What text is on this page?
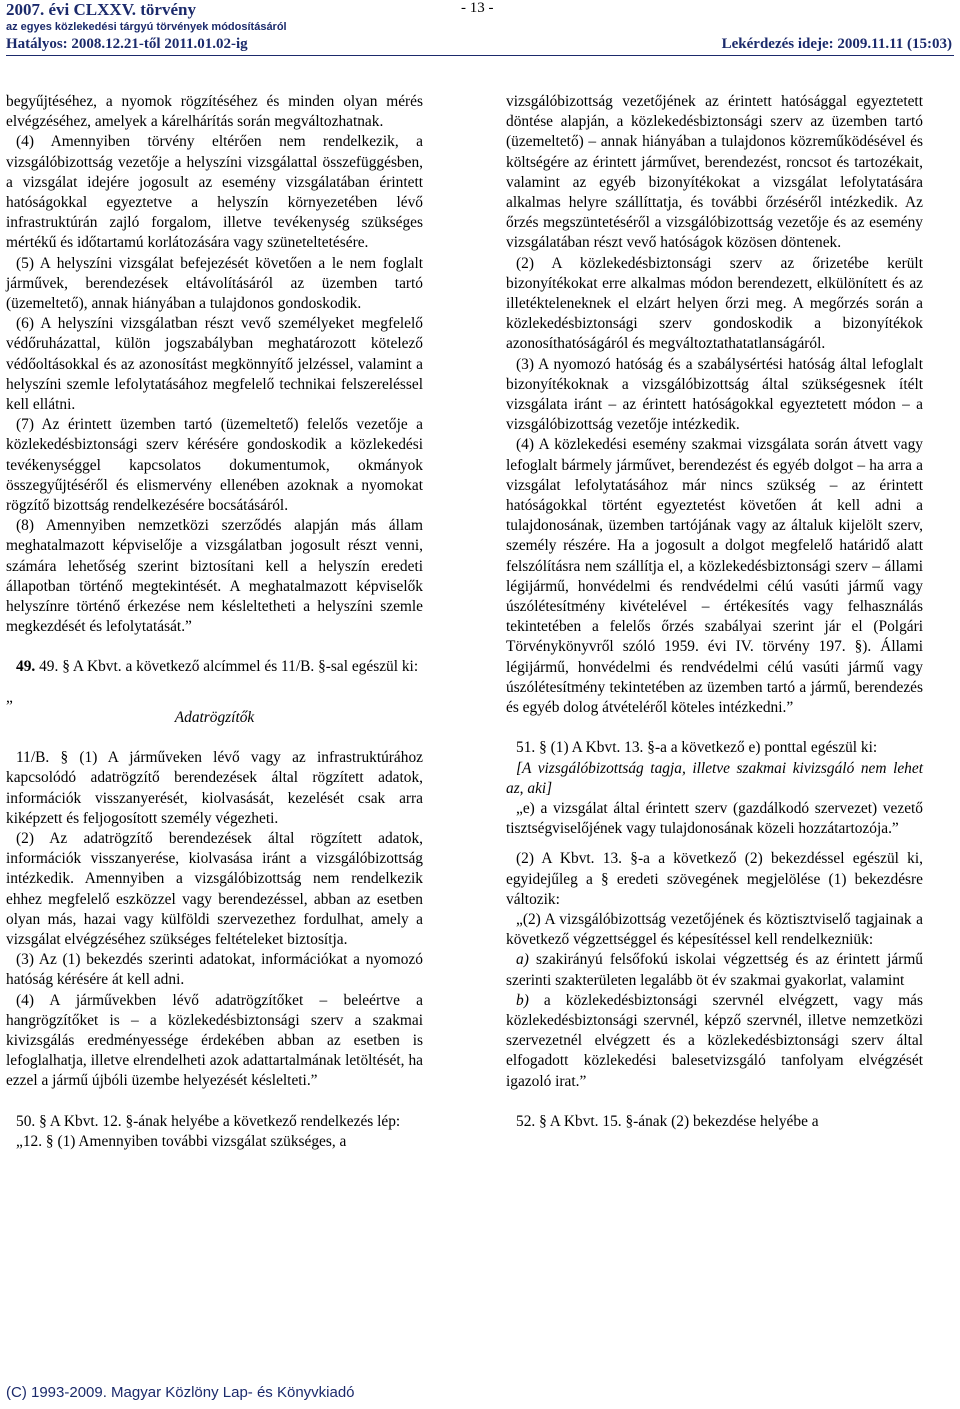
- 13 -
2007. évi CLXXV. törvény
az egyes közlekedési tárgyú törvények módosításáról
Hatályos: 2008.12.21-től 2011.01.02-ig	Lekérdezés ideje: 2009.11.11 (15:03)

begyűjtéséhez, a nyomok rögzítéséhez és minden olyan mérés elvégzéséhez, amelyek a kárelhárítás során megváltozhatnak.

(4) Amennyiben törvény eltérően nem rendelkezik, a vizsgálóbizottság vezetője a helyszíni vizsgálattal összefüggésben, a vizsgálat idejére jogosult az esemény vizsgálatában érintett hatóságokkal egyeztetve a helyszín környezetében lévő infrastruktúrán zajló forgalom, illetve tevékenység szükséges mértékű és időtartamú korlátozására vagy szüneteltetésére.

(5) A helyszíni vizsgálat befejezését követően a le nem foglalt járművek, berendezések eltávolításáról az üzemben tartó (üzemeltető), annak hiányában a tulajdonos gondoskodik.

(6) A helyszíni vizsgálatban részt vevő személyeket megfelelő védőruházattal, külön jogszabályban meghatározott kötelező védőoltásokkal és az azonosítást megkönnyítő jelzéssel, valamint a helyszíni szemle lefolytatásához megfelelő technikai felszereléssel kell ellátni.

(7) Az érintett üzemben tartó (üzemeltető) felelős vezetője a közlekedésbiztonsági szerv kérésére gondoskodik a közlekedési tevékenységgel kapcsolatos dokumentumok, okmányok összegyűjtéséről és elismervény ellenében azoknak a nyomokat rögzítő bizottság rendelkezésére bocsátásáról.

(8) Amennyiben nemzetközi szerződés alapján más állam meghatalmazott képviselője a vizsgálatban jogosult részt venni, számára lehetőség szerint biztosítani kell a helyszín eredeti állapotban történő megtekintését. A meghatalmazott képviselők helyszínre történő érkezése nem késleltetheti a helyszíni szemle megkezdését és lefolytatását.”

49. 49. § A Kbvt. a következő alcímmel és 11/B. §-sal egészül ki:

„

Adatrögzítők

11/B. § (1) A járműveken lévő vagy az infrastruktúrához kapcsolódó adatrögzítő berendezések által rögzített adatok, információk visszanyerését, kiolvasását, kezelését csak arra kiképzett és feljogosított személy végezheti.

(2) Az adatrögzítő berendezések által rögzített adatok, információk visszanyerése, kiolvasása iránt a vizsgálóbizottság intézkedik. Amennyiben a vizsgálóbizottság nem rendelkezik ehhez megfelelő eszközzel vagy berendezéssel, abban az esetben olyan más, hazai vagy külföldi szervezethez fordulhat, amely a vizsgálat elvégzéséhez szükséges feltételeket biztosítja.

(3) Az (1) bekezdés szerinti adatokat, információkat a nyomozó hatóság kérésére át kell adni.

(4) A járművekben lévő adatrögzítőket – beleértve a hangrögzítőket is – a közlekedésbiztonsági szerv a szakmai kivizsgálás eredményessége érdekében abban az esetben is lefoglalhatja, illetve elrendelheti azok adattartalmának letöltését, ha ezzel a jármű újbóli üzembe helyezését késlelteti.”

50. § A Kbvt. 12. §-ának helyébe a következő rendelkezés lép:

„12. § (1) Amennyiben további vizsgálat szükséges, a

vizsgálóbizottság vezetőjének az érintett hatósággal egyeztetett döntése alapján, a közlekedésbiztonsági szerv az üzemben tartó (üzemeltető) – annak hiányában a tulajdonos közreműködésével és költségére az érintett járművet, berendezést, roncsot és tartozékait, valamint az egyéb bizonyítékokat a vizsgálat lefolytatására alkalmas helyre szállíttatja, és további őrzéséről intézkedik. Az őrzés megszüntetéséről a vizsgálóbizottság vezetője és az esemény vizsgálatában részt vevő hatóságok közösen döntenek.

(2) A közlekedésbiztonsági szerv az őrizetébe került bizonyítékokat erre alkalmas módon berendezett, elkülönített és az illetékteleneknek el elzárt helyen őrzi meg. A megőrzés során a közlekedésbiztonsági szerv gondoskodik a bizonyítékok azonosíthatóságáról és megváltoztathatatlanságáról.

(3) A nyomozó hatóság és a szabálysértési hatóság által lefoglalt bizonyítékoknak a vizsgálóbizottság által szükségesnek ítélt vizsgálata iránt – az érintett hatóságokkal egyeztetett módon – a vizsgálóbizottság vezetője intézkedik.

(4) A közlekedési esemény szakmai vizsgálata során átvett vagy lefoglalt bármely járművet, berendezést és egyéb dolgot – ha arra a vizsgálat lefolytatásához már nincs szükség – az érintett hatóságokkal történt egyeztetést követően át kell adni a tulajdonosának, üzemben tartójának vagy az általuk kijelölt szerv, személy részére. Ha a jogosult a dolgot megfelelő határidő alatt felszólításra nem szállítja el, a közlekedésbiztonsági szerv – állami légijármű, honvédelmi és rendvédelmi célú vasúti jármű vagy úszólétesítmény kivételével – értékesítés vagy felhasználás tekintetében a felelős őrzés szabályai szerint jár el (Polgári Törvénykönyvről szóló 1959. évi IV. törvény 197. §). Állami légijármű, honvédelmi és rendvédelmi célú vasúti jármű vagy úszólétesítmény tekintetében az üzemben tartó a jármű, berendezés és egyéb dolog átvételéről köteles intézkedni.”

51. § (1) A Kbvt. 13. §-a a következő e) ponttal egészül ki:

[A vizsgálóbizottság tagja, illetve szakmai kivizsgáló nem lehet az, aki]

„e) a vizsgálat által érintett szerv (gazdálkodó szervezet) vezető tisztségviselőjének vagy tulajdonosának közeli hozzátartozója.”

(2) A Kbvt. 13. §-a a következő (2) bekezdéssel egészül ki, egyidejűleg a § eredeti szövegének megjelölése (1) bekezdésre változik:

„(2) A vizsgálóbizottság vezetőjének és köztisztviselő tagjainak a következő végzettséggel és képesítéssel kell rendelkezniük:

a) szakirányú felsőfokú iskolai végzettség és az érintett jármű szerinti szakterületen legalább öt év szakmai gyakorlat, valamint

b) a közlekedésbiztonsági szervnél elvégzett, vagy más közlekedésbiztonsági szervnél, képző szervnél, illetve nemzetközi szervezetnél elvégzett és a közlekedésbiztonsági szerv által elfogadott közlekedési balesetvizsgáló tanfolyam elvégzését igazoló irat.”

52. § A Kbvt. 15. §-ának (2) bekezdése helyébe a

(C) 1993-2009. Magyar Közlöny Lap- és Könyvkiadó
